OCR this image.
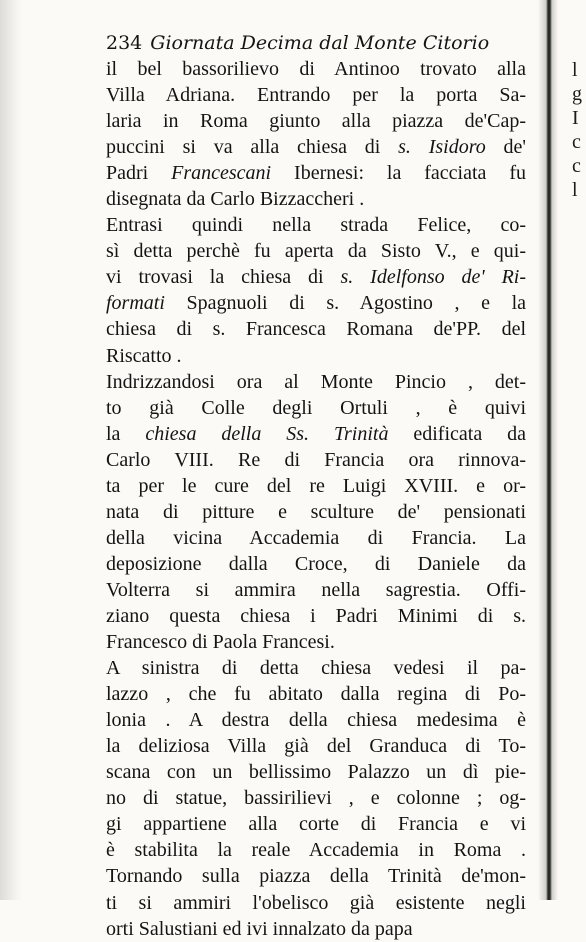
234 Giornata Decima dal Monte Citorio
il bel bassorilievo di Antinoo trovato alla
Villa Adriana. Entrando per la porta Sa-
laria in Roma giunto alla piazza de'Cap-
puccini si va alla chiesa di s. Isidoro de'
Padri Francescani Ibernesi: la facciata fu
disegnata da Carlo Bizzaccheri .
Entrasi quindi nella strada Felice, co-
sì detta perchè fu aperta da Sisto V., e qui-
vi trovasi la chiesa di s. Idelfonso de' Ri-
formati Spagnuoli di s. Agostino , e la
chiesa di s. Francesca Romana de'PP. del
Riscatto .
Indrizzandosi ora al Monte Pincio , det-
to già Colle degli Ortuli , è quivi
la chiesa della Ss. Trinità edificata da
Carlo VIII. Re di Francia ora rinnova-
ta per le cure del re Luigi XVIII. e or-
nata di pitture e sculture de' pensionati
della vicina Accademia di Francia. La
deposizione dalla Croce, di Daniele da
Volterra si ammira nella sagrestia. Offi-
ziano questa chiesa i Padri Minimi di s.
Francesco di Paola Francesi.
A sinistra di detta chiesa vedesi il pa-
lazzo , che fu abitato dalla regina di Po-
lonia . A destra della chiesa medesima è
la deliziosa Villa già del Granduca di To-
scana con un bellissimo Palazzo un dì pie-
no di statue, bassirilievi , e colonne ; og-
gi appartiene alla corte di Francia e vi
è stabilita la reale Accademia in Roma .
Tornando sulla piazza della Trinità de'mon-
ti si ammiri l'obelisco già esistente negli
orti Salustiani ed ivi innalzato da papa
l
g
I
c
c
l
